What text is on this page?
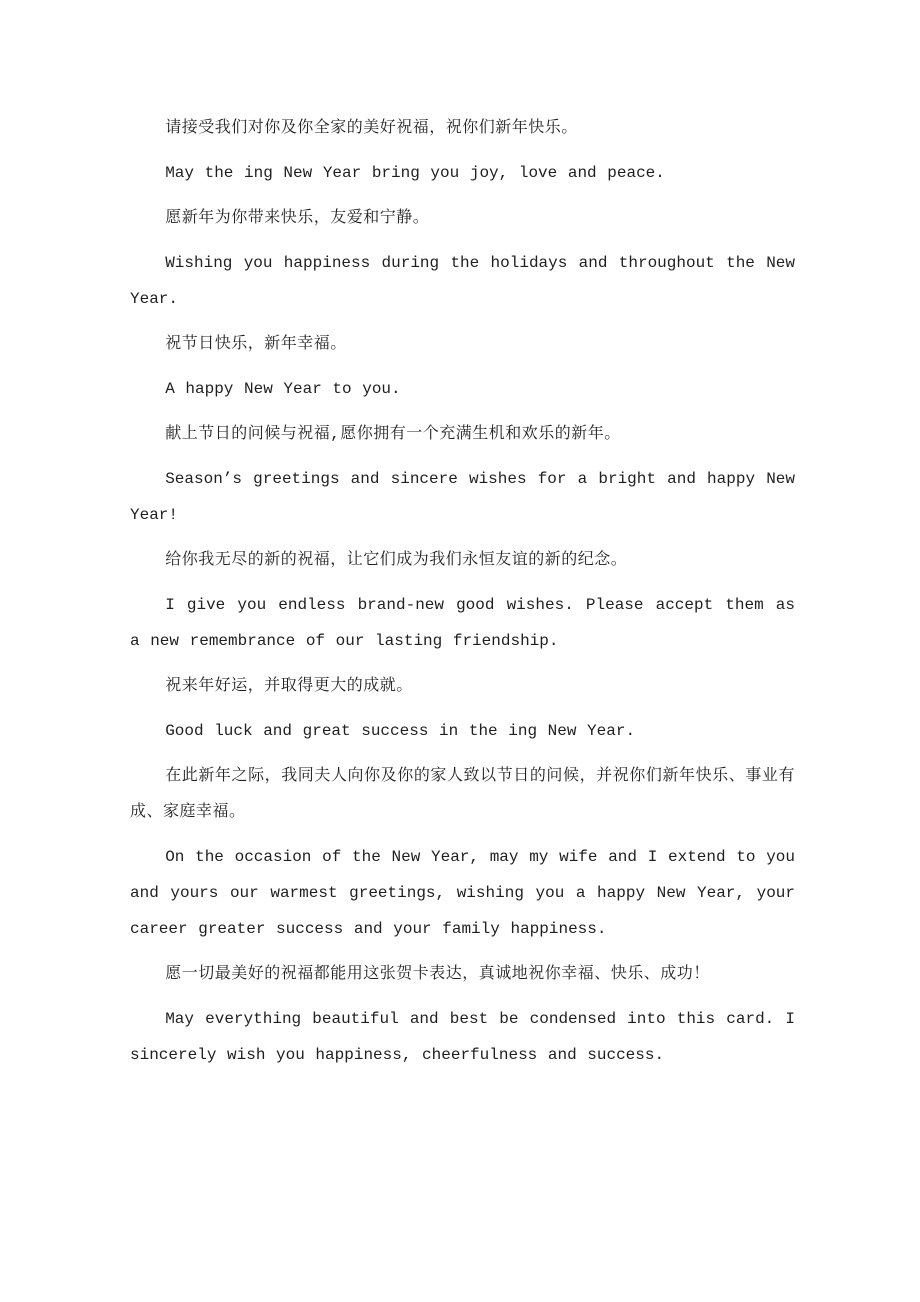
请接受我们对你及你全家的美好祝福，祝你们新年快乐。

May the ing New Year bring you joy, love and peace.

愿新年为你带来快乐，友爱和宁静。

Wishing you happiness during the holidays and throughout the New Year.

祝节日快乐，新年幸福。

A happy New Year to you.

献上节日的问候与祝福,愿你拥有一个充满生机和欢乐的新年。

Season’s greetings and sincere wishes for a bright and happy New Year!

给你我无尽的新的祝福，让它们成为我们永恒友谊的新的纪念。

I give you endless brand-new good wishes. Please accept them as a new remembrance of our lasting friendship.

祝来年好运，并取得更大的成就。

Good luck and great success in the ing New Year.

在此新年之际，我同夫人向你及你的家人致以节日的问候，并祝你们新年快乐、事业有成、家庭幸福。

On the occasion of the New Year, may my wife and I extend to you and yours our warmest greetings, wishing you a happy New Year, your career greater success and your family happiness.

愿一切最美好的祝福都能用这张贺卡表达，真诚地祝你幸福、快乐、成功！

May everything beautiful and best be condensed into this card. I sincerely wish you happiness, cheerfulness and success.
